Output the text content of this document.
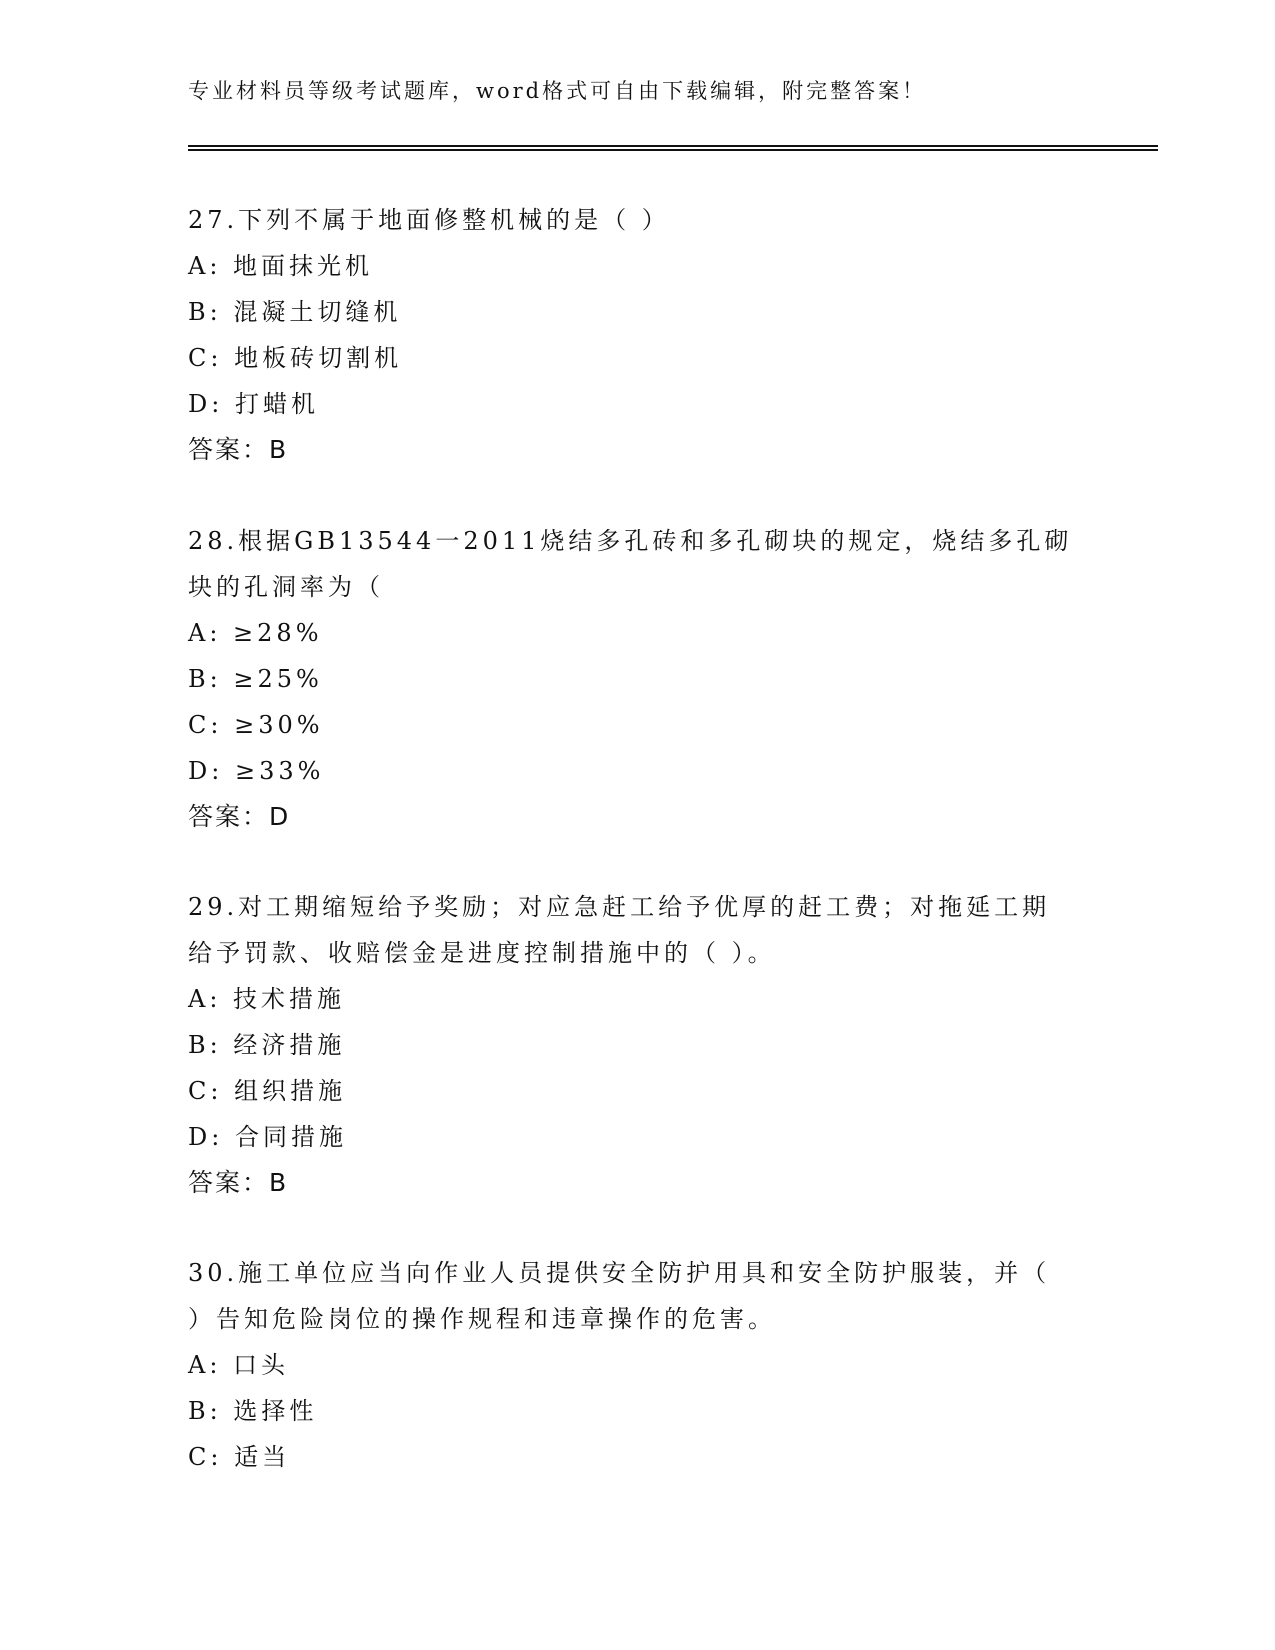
专业材料员等级考试题库，word格式可自由下载编辑，附完整答案！
27.下列不属于地面修整机械的是（ ）
A: 地面抹光机
B: 混凝土切缝机
C: 地板砖切割机
D: 打蜡机
答案：B
28.根据GB13544一2011烧结多孔砖和多孔砌块的规定，烧结多孔砌
块的孔洞率为（
A: ≥28%
B: ≥25%
C: ≥30%
D: ≥33%
答案：D
29.对工期缩短给予奖励；对应急赶工给予优厚的赶工费；对拖延工期
给予罚款、收赔偿金是进度控制措施中的（ ）。
A: 技术措施
B: 经济措施
C: 组织措施
D: 合同措施
答案：B
30.施工单位应当向作业人员提供安全防护用具和安全防护服装，并（
）告知危险岗位的操作规程和违章操作的危害。
A: 口头
B: 选择性
C: 适当
